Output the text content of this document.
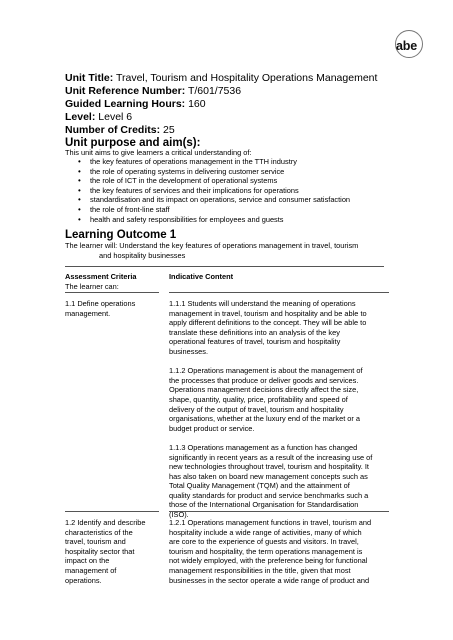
abe
Unit Title: Travel, Tourism and Hospitality Operations Management
Unit Reference Number: T/601/7536
Guided Learning Hours: 160
Level: Level 6
Number of Credits: 25
Unit purpose and aim(s):
This unit aims to give learners a critical understanding of:
• the key features of operations management in the TTH industry
• the role of operating systems in delivering customer service
• the role of ICT in the development of operational systems
• the key features of services and their implications for operations
• standardisation and its impact on operations, service and consumer satisfaction
• the role of front-line staff
• health and safety responsibilities for employees and guests
Learning Outcome 1
The learner will: Understand the key features of operations management in travel, tourism
and hospitality businesses

Assessment Criteria

The learner can:

Indicative Content

1.1 Define operations
management.

1.1.1 Students will understand the meaning of operations
management in travel, tourism and hospitality and be able to
apply different definitions to the concept. They will be able to
translate these definitions into an analysis of the key
operational features of travel, tourism and hospitality
businesses.

1.1.2 Operations management is about the management of
the processes that produce or deliver goods and services.
Operations management decisions directly affect the size,
shape, quantity, quality, price, profitability and speed of
delivery of the output of travel, tourism and hospitality
organisations, whether at the luxury end of the market or a
budget product or service.

1.1.3 Operations management as a function has changed
significantly in recent years as a result of the increasing use of
new technologies throughout travel, tourism and hospitality. It
has also taken on board new management concepts such as
Total Quality Management (TQM) and the attainment of
quality standards for product and service benchmarks such a
those of the International Organisation for Standardisation
(ISO).

1.2 Identify and describe
characteristics of the
travel, tourism and
hospitality sector that
impact on the
management of
operations.

1.2.1 Operations management functions in travel, tourism and
hospitality include a wide range of activities, many of which
are core to the experience of guests and visitors. In travel,
tourism and hospitality, the term operations management is
not widely employed, with the preference being for functional
management responsibilities in the title, given that most
businesses in the sector operate a wide range of product and
